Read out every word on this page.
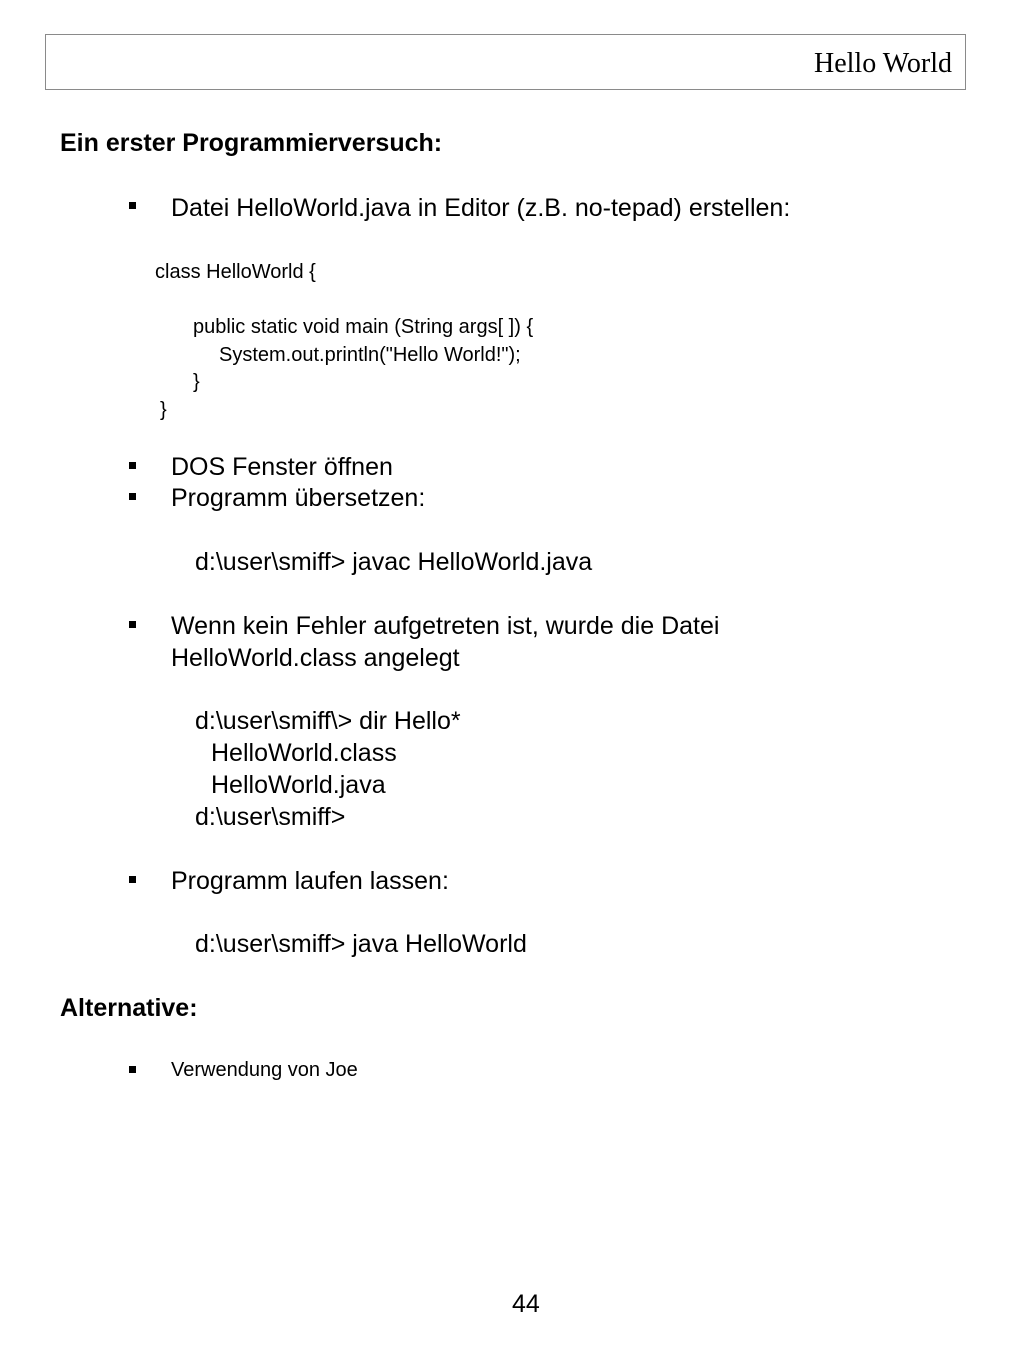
Hello World
Ein erster Programmierversuch:
Datei HelloWorld.java in Editor (z.B. no-tepad) erstellen:
class HelloWorld {
public static void main (String args[ ]) {
System.out.println("Hello World!");
}
}
DOS Fenster öffnen
Programm übersetzen:
d:\user\smiff> javac HelloWorld.java
Wenn kein Fehler aufgetreten ist, wurde die Datei
HelloWorld.class angelegt
d:\user\smiff\> dir Hello*
HelloWorld.class
HelloWorld.java
d:\user\smiff>
Programm laufen lassen:
d:\user\smiff> java HelloWorld
Alternative:
Verwendung von Joe
44
